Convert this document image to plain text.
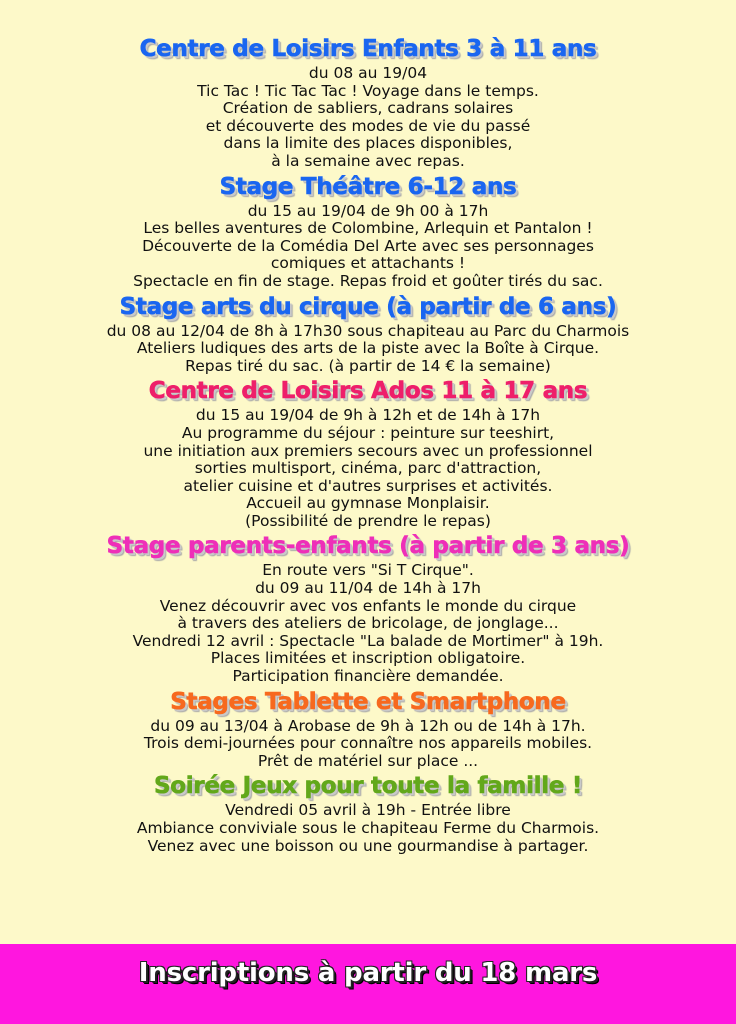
Centre de Loisirs Enfants 3 à 11 ans

du 08 au 19/04

Tic Tac ! Tic Tac Tac ! Voyage dans le temps.

Création de sabliers, cadrans solaires

et découverte des modes de vie du passé

dans la limite des places disponibles,

à la semaine avec repas.

Stage Théâtre 6-12 ans

du 15 au 19/04 de 9h 00 à 17h

Les belles aventures de Colombine, Arlequin et Pantalon !

Découverte de la Comédia Del Arte avec ses personnages

comiques et attachants !

Spectacle en fin de stage. Repas froid et goûter tirés du sac.

Stage arts du cirque (à partir de 6 ans)

du 08 au 12/04 de 8h à 17h30 sous chapiteau au Parc du Charmois

Ateliers ludiques des arts de la piste avec la Boîte à Cirque.

Repas tiré du sac. (à partir de 14 € la semaine)

Centre de Loisirs Ados 11 à 17 ans

du 15 au 19/04 de 9h à 12h et de 14h à 17h

Au programme du séjour : peinture sur teeshirt,

une initiation aux premiers secours avec un professionnel

sorties multisport, cinéma, parc d'attraction,

atelier cuisine et d'autres surprises et activités.

Accueil au gymnase Monplaisir.

(Possibilité de prendre le repas)

Stage parents-enfants (à partir de 3 ans)

En route vers "Si T Cirque".

du 09 au 11/04 de 14h à 17h

Venez découvrir avec vos enfants le monde du cirque

à travers des ateliers de bricolage, de jonglage...

Vendredi 12 avril : Spectacle "La balade de Mortimer" à 19h.

Places limitées et inscription obligatoire.

Participation financière demandée.

Stages Tablette et Smartphone

du 09 au 13/04 à Arobase de 9h à 12h ou de 14h à 17h.

Trois demi-journées pour connaître nos appareils mobiles.

Prêt de matériel sur place ...

Soirée Jeux pour toute la famille !

Vendredi 05 avril à 19h - Entrée libre

Ambiance conviviale sous le chapiteau Ferme du Charmois.

Venez avec une boisson ou une gourmandise à partager.

Inscriptions à partir du 18 mars
